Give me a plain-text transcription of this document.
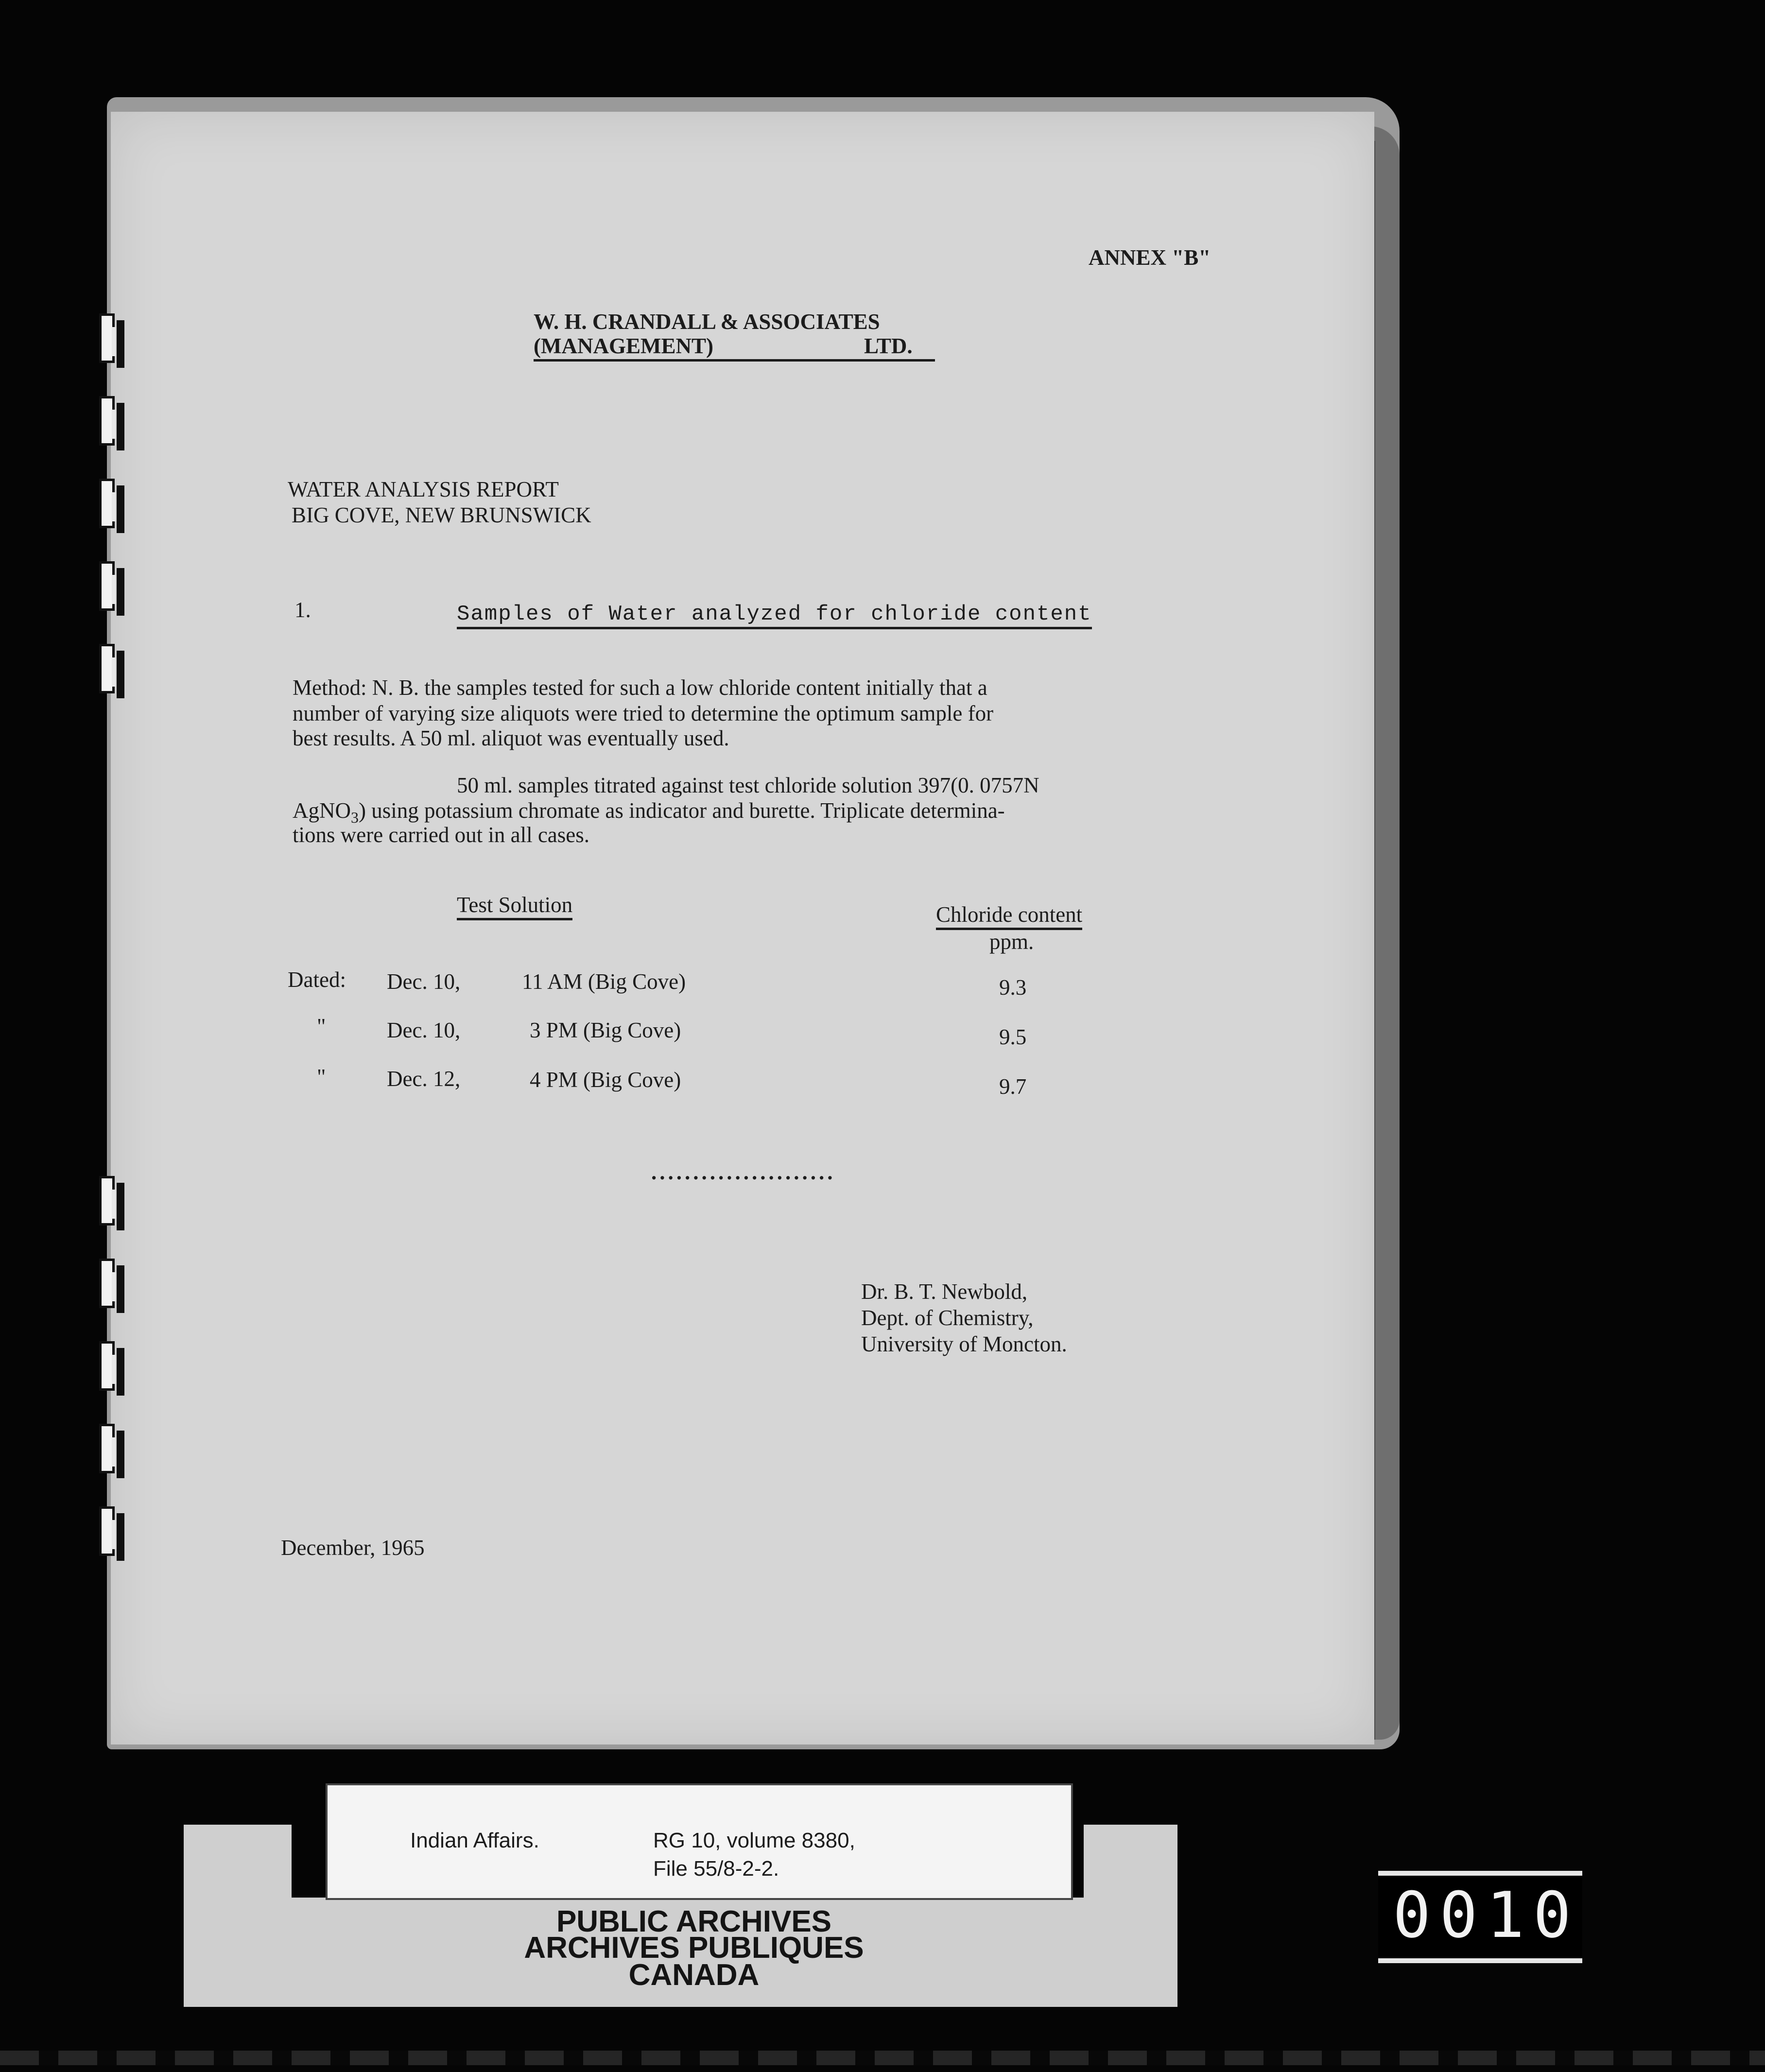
ANNEX "B"
W. H. CRANDALL & ASSOCIATES
(MANAGEMENT)	LTD.
WATER ANALYSIS REPORT
BIG COVE, NEW BRUNSWICK
1.	Samples of Water analyzed for chloride content
Method: N. B. the samples tested for such a low chloride content initially that a
number of varying size aliquots were tried to determine the optimum sample for
best results. A 50 ml. aliquot was eventually used.
50 ml. samples titrated against test chloride solution 397(0. 0757N
AgNO$_3$) using potassium chromate as indicator and burette. Triplicate determina-
tions were carried out in all cases.
Test Solution	Chloride content
ppm.
Dated: Dec. 10,	11 AM (Big Cove)	9.3
"	Dec. 10,	3 PM (Big Cove)	9.5
"	Dec. 12,	4 PM (Big Cove)	9.7
......................
Dr. B. T. Newbold,
Dept. of Chemistry,
University of Moncton.
December, 1965
Indian Affairs.	RG 10, volume 8380,
File 55/8-2-2.
PUBLIC ARCHIVES
ARCHIVES PUBLIQUES
CANADA
0010
